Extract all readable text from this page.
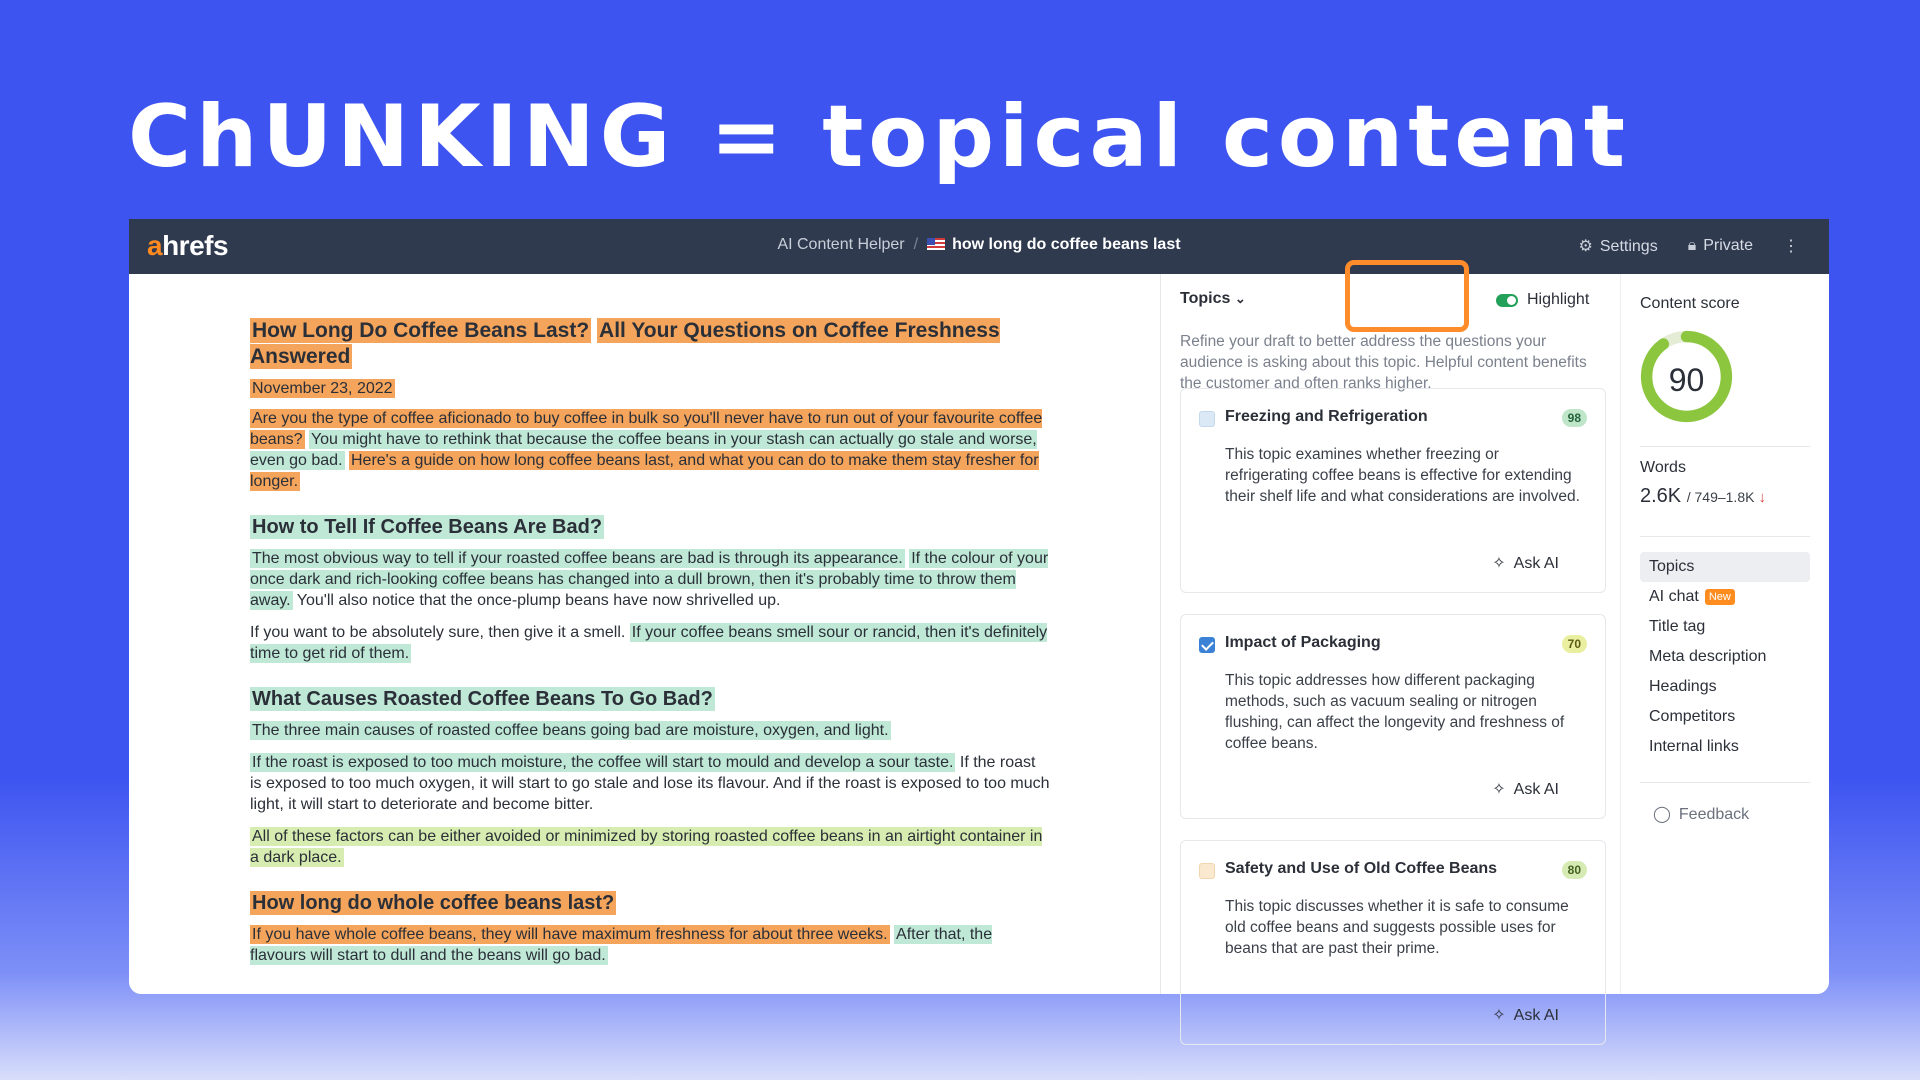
ChUNKING = topical content
ahrefs	AI Content Helper / how long do coffee beans last	⚙ Settings 🔒︎ Private ⋮
How Long Do Coffee Beans Last? All Your Questions on Coffee Freshness Answered
November 23, 2022
Are you the type of coffee aficionado to buy coffee in bulk so you'll never have to run out of your favourite coffee beans? You might have to rethink that because the coffee beans in your stash can actually go stale and worse, even go bad. Here's a guide on how long coffee beans last, and what you can do to make them stay fresher for longer.
How to Tell If Coffee Beans Are Bad?
The most obvious way to tell if your roasted coffee beans are bad is through its appearance. If the colour of your once dark and rich-looking coffee beans has changed into a dull brown, then it's probably time to throw them away. You'll also notice that the once-plump beans have now shrivelled up.
If you want to be absolutely sure, then give it a smell. If your coffee beans smell sour or rancid, then it's definitely time to get rid of them.
What Causes Roasted Coffee Beans To Go Bad?
The three main causes of roasted coffee beans going bad are moisture, oxygen, and light.
If the roast is exposed to too much moisture, the coffee will start to mould and develop a sour taste. If the roast is exposed to too much oxygen, it will start to go stale and lose its flavour. And if the roast is exposed to too much light, it will start to deteriorate and become bitter.
All of these factors can be either avoided or minimized by storing roasted coffee beans in an airtight container in a dark place.
How long do whole coffee beans last?
If you have whole coffee beans, they will have maximum freshness for about three weeks. After that, the flavours will start to dull and the beans will go bad.
Topics ⌄	Highlight
Refine your draft to better address the questions your audience is asking about this topic. Helpful content benefits the customer and often ranks higher.
Freezing and Refrigeration	98
This topic examines whether freezing or refrigerating coffee beans is effective for extending their shelf life and what considerations are involved.
✧ Ask AI
Impact of Packaging	70
This topic addresses how different packaging methods, such as vacuum sealing or nitrogen flushing, can affect the longevity and freshness of coffee beans.
✧ Ask AI
Safety and Use of Old Coffee Beans	80
This topic discusses whether it is safe to consume old coffee beans and suggests possible uses for beans that are past their prime.
✧ Ask AI
Content score
90
Words
2.6K / 749–1.8K ↓
Topics
AI chat New
Title tag
Meta description
Headings
Competitors
Internal links
◯ Feedback
